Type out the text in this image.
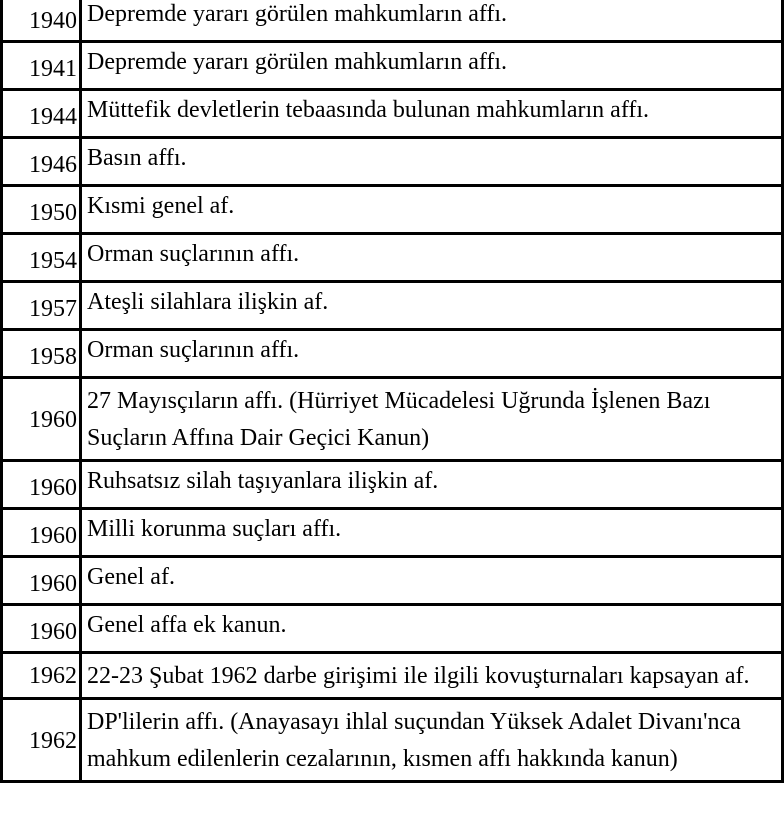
1940	Depremde yararı görülen mahkumların affı.
1941	Depremde yararı görülen mahkumların affı.
1944	Müttefik devletlerin tebaasında bulunan mahkumların affı.
1946	Basın affı.
1950	Kısmi genel af.
1954	Orman suçlarının affı.
1957	Ateşli silahlara ilişkin af.
1958	Orman suçlarının affı.
1960	27 Mayısçıların affı. (Hürriyet Mücadelesi Uğrunda İşlenen Bazı Suçların Affına Dair Geçici Kanun)
1960	Ruhsatsız silah taşıyanlara ilişkin af.
1960	Milli korunma suçları affı.
1960	Genel af.
1960	Genel affa ek kanun.
1962	22-23 Şubat 1962 darbe girişimi ile ilgili kovuşturnaları kapsayan af.
1962	DP'lilerin affı. (Anayasayı ihlal suçundan Yüksek Adalet Divanı'nca mahkum edilenlerin cezalarının, kısmen affı hakkında kanun)
